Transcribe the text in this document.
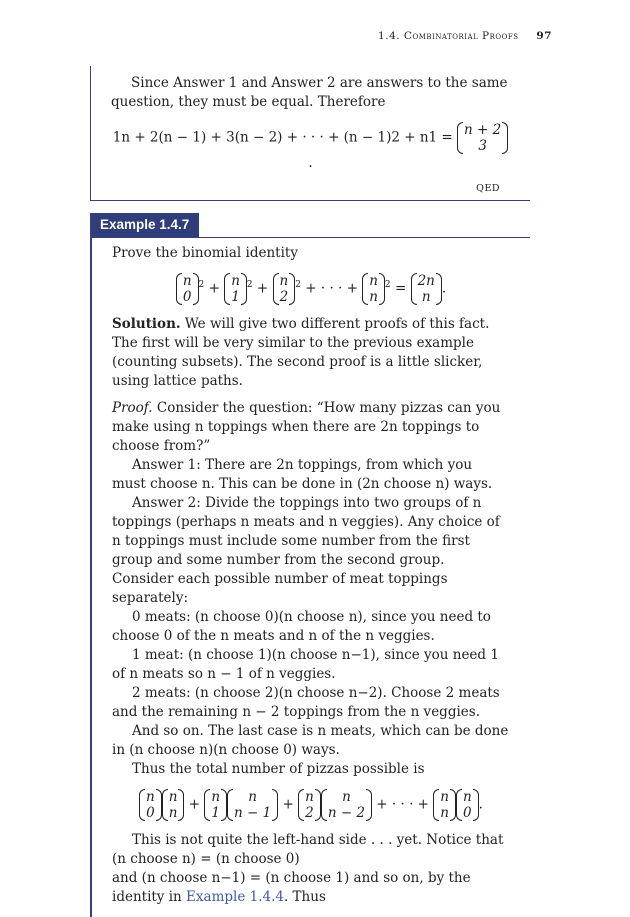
1.4. Combinatorial Proofs 97

Since Answer 1 and Answer 2 are answers to the same question, they must be equal. Therefore

1n + 2(n − 1) + 3(n − 2) + · · · + (n − 1)2 + n1 = n + 2
3
.
QED
Example 1.4.7

Prove the binomial identity

n
0
$^2$ + n
1
$^2$ + n
2
$^2$ + · · · + n
n
$^2$ = 2n
n
.

Solution. We will give two different proofs of this fact. The first will be very similar to the previous example (counting subsets). The second proof is a little slicker, using lattice paths.

Proof. Consider the question: “How many pizzas can you make using n toppings when there are 2n toppings to choose from?”

Answer 1: There are 2n toppings, from which you must choose n. This can be done in (2n choose n) ways.

Answer 2: Divide the toppings into two groups of n toppings (perhaps n meats and n veggies). Any choice of n toppings must include some number from the first group and some number from the second group. Consider each possible number of meat toppings separately:

0 meats: (n choose 0)(n choose n), since you need to choose 0 of the n meats and n of the n veggies.

1 meat: (n choose 1)(n choose n−1), since you need 1 of n meats so n − 1 of n veggies.

2 meats: (n choose 2)(n choose n−2). Choose 2 meats and the remaining n − 2 toppings from the n veggies.

And so on. The last case is n meats, which can be done in (n choose n)(n choose 0) ways.

Thus the total number of pizzas possible is

n
0
n
n
+ n
1
n
n − 1
+ n
2
n
n − 2
+ · · · + n
n
n
0
.

This is not quite the left-hand side . . . yet. Notice that (n choose n) = (n choose 0)

and (n choose n−1) = (n choose 1) and so on, by the identity in Example 1.4.4. Thus
